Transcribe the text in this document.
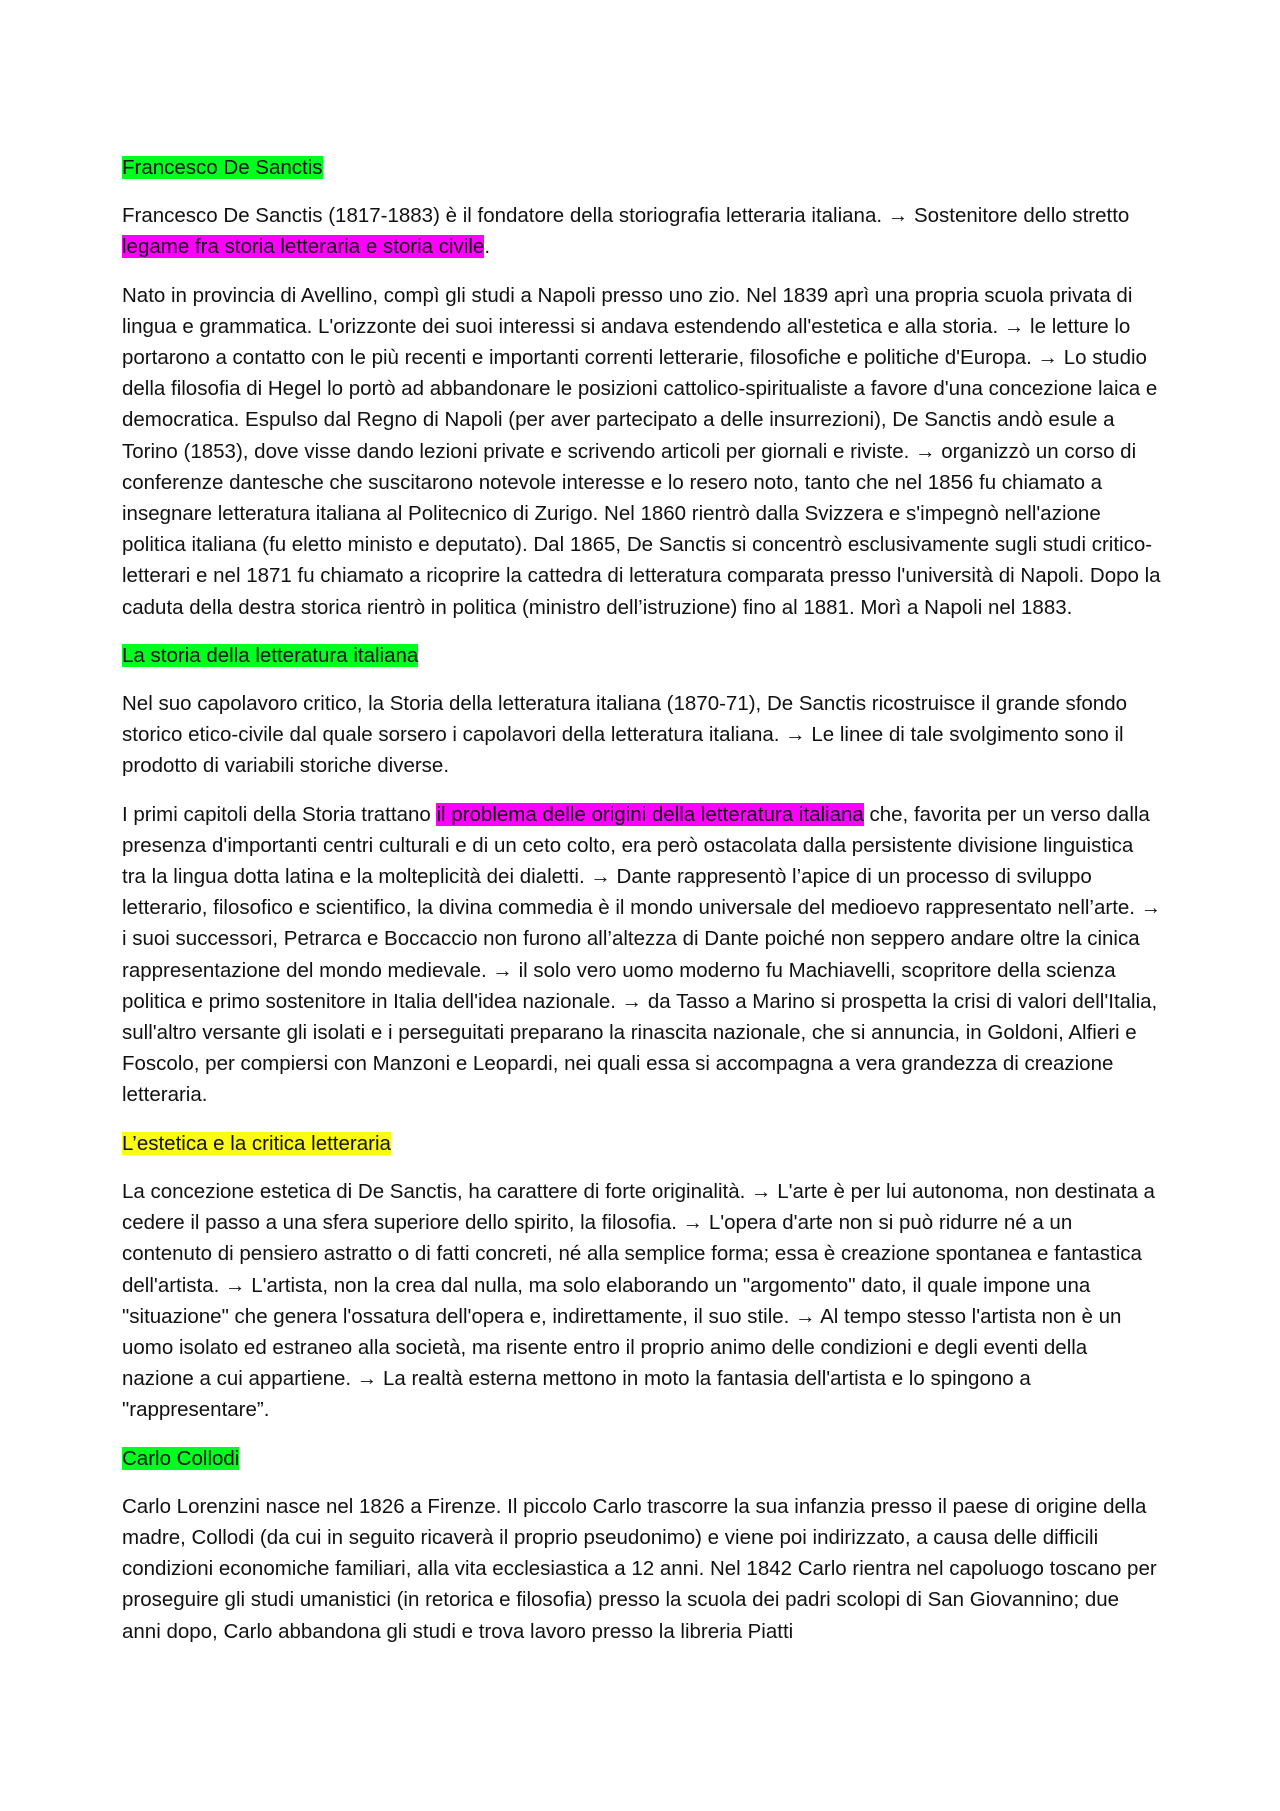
Francesco De Sanctis

Francesco De Sanctis (1817-1883) è il fondatore della storiografia letteraria italiana. → Sostenitore dello stretto legame fra storia letteraria e storia civile.

Nato in provincia di Avellino, compì gli studi a Napoli presso uno zio. Nel 1839 aprì una propria scuola privata di lingua e grammatica. L'orizzonte dei suoi interessi si andava estendendo all'estetica e alla storia. → le letture lo portarono a contatto con le più recenti e importanti correnti letterarie, filosofiche e politiche d'Europa. → Lo studio della filosofia di Hegel lo portò ad abbandonare le posizioni cattolico-spiritualiste a favore d'una concezione laica e democratica. Espulso dal Regno di Napoli (per aver partecipato a delle insurrezioni), De Sanctis andò esule a Torino (1853), dove visse dando lezioni private e scrivendo articoli per giornali e riviste. → organizzò un corso di conferenze dantesche che suscitarono notevole interesse e lo resero noto, tanto che nel 1856 fu chiamato a insegnare letteratura italiana al Politecnico di Zurigo. Nel 1860 rientrò dalla Svizzera e s'impegnò nell'azione politica italiana (fu eletto ministo e deputato). Dal 1865, De Sanctis si concentrò esclusivamente sugli studi critico-letterari e nel 1871 fu chiamato a ricoprire la cattedra di letteratura comparata presso l'università di Napoli. Dopo la caduta della destra storica rientrò in politica (ministro dell’istruzione) fino al 1881. Morì a Napoli nel 1883.

La storia della letteratura italiana

Nel suo capolavoro critico, la Storia della letteratura italiana (1870-71), De Sanctis ricostruisce il grande sfondo storico etico-civile dal quale sorsero i capolavori della letteratura italiana. → Le linee di tale svolgimento sono il prodotto di variabili storiche diverse.

I primi capitoli della Storia trattano il problema delle origini della letteratura italiana che, favorita per un verso dalla presenza d'importanti centri culturali e di un ceto colto, era però ostacolata dalla persistente divisione linguistica tra la lingua dotta latina e la molteplicità dei dialetti. → Dante rappresentò l’apice di un processo di sviluppo letterario, filosofico e scientifico, la divina commedia è il mondo universale del medioevo rappresentato nell’arte. → i suoi successori, Petrarca e Boccaccio non furono all’altezza di Dante poiché non seppero andare oltre la cinica rappresentazione del mondo medievale. → il solo vero uomo moderno fu Machiavelli, scopritore della scienza politica e primo sostenitore in Italia dell'idea nazionale. → da Tasso a Marino si prospetta la crisi di valori dell'Italia, sull'altro versante gli isolati e i perseguitati preparano la rinascita nazionale, che si annuncia, in Goldoni, Alfieri e Foscolo, per compiersi con Manzoni e Leopardi, nei quali essa si accompagna a vera grandezza di creazione letteraria.

L’estetica e la critica letteraria

La concezione estetica di De Sanctis, ha carattere di forte originalità. → L'arte è per lui autonoma, non destinata a cedere il passo a una sfera superiore dello spirito, la filosofia. → L'opera d'arte non si può ridurre né a un contenuto di pensiero astratto o di fatti concreti, né alla semplice forma; essa è creazione spontanea e fantastica dell'artista. → L'artista, non la crea dal nulla, ma solo elaborando un "argomento" dato, il quale impone una "situazione" che genera l'ossatura dell'opera e, indirettamente, il suo stile. → Al tempo stesso l'artista non è un uomo isolato ed estraneo alla società, ma risente entro il proprio animo delle condizioni e degli eventi della nazione a cui appartiene. → La realtà esterna mettono in moto la fantasia dell'artista e lo spingono a "rappresentare”.

Carlo Collodi

Carlo Lorenzini nasce nel 1826 a Firenze. Il piccolo Carlo trascorre la sua infanzia presso il paese di origine della madre, Collodi (da cui in seguito ricaverà il proprio pseudonimo) e viene poi indirizzato, a causa delle difficili condizioni economiche familiari, alla vita ecclesiastica a 12 anni. Nel 1842 Carlo rientra nel capoluogo toscano per proseguire gli studi umanistici (in retorica e filosofia) presso la scuola dei padri scolopi di San Giovannino; due anni dopo, Carlo abbandona gli studi e trova lavoro presso la libreria Piatti
